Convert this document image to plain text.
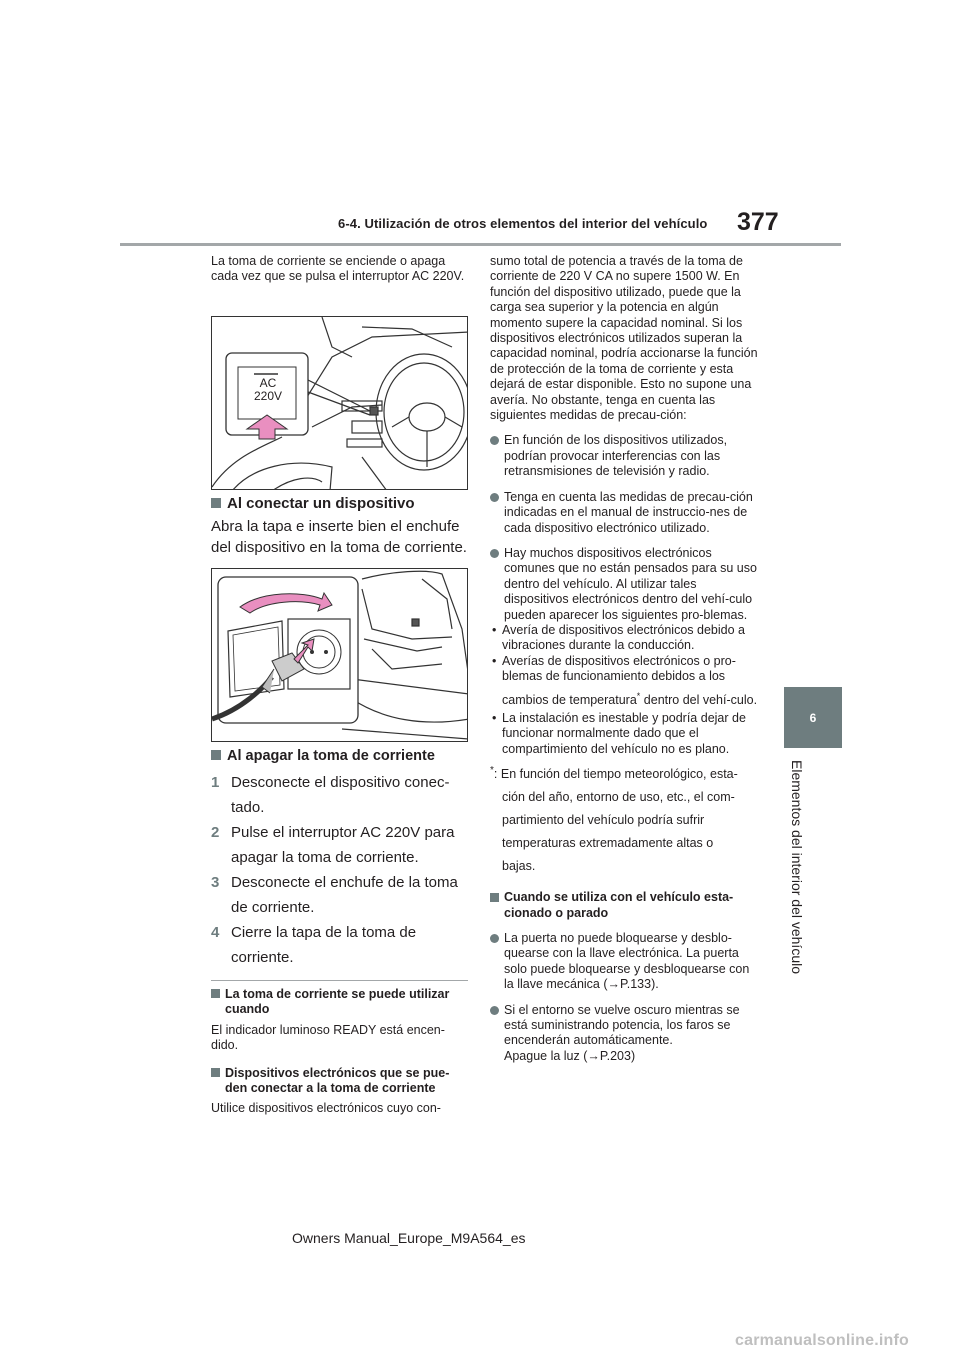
6-4. Utilización de otros elementos del interior del vehículo 377
6
Elementos del interior del vehículo
La toma de corriente se enciende o apaga cada vez que se pulsa el interruptor AC 220V.
AC
220V
Al conectar un dispositivo
Abra la tapa e inserte bien el enchufe del dispositivo en la toma de corriente.
Al apagar la toma de corriente
1 Desconecte el dispositivo conec-
tado.
2 Pulse el interruptor AC 220V para
apagar la toma de corriente.
3 Desconecte el enchufe de la toma
de corriente.
4 Cierre la tapa de la toma de
corriente.
La toma de corriente se puede utilizar
cuando
El indicador luminoso READY está encen-
dido.
Dispositivos electrónicos que se pue-
den conectar a la toma de corriente
Utilice dispositivos electrónicos cuyo con-
sumo total de potencia a través de la toma de corriente de 220 V CA no supere 1500 W. En función del dispositivo utilizado, puede que la carga sea superior y la potencia en algún momento supere la capacidad nominal. Si los dispositivos electrónicos utilizados superan la capacidad nominal, podría accionarse la función de protección de la toma de corriente y esta dejará de estar disponible. Esto no supone una avería. No obstante, tenga en cuenta las siguientes medidas de precau-ción:
En función de los dispositivos utilizados, podrían provocar interferencias con las retransmisiones de televisión y radio.
Tenga en cuenta las medidas de precau-ción indicadas en el manual de instruccio-nes de cada dispositivo electrónico utilizado.
Hay muchos dispositivos electrónicos comunes que no están pensados para su uso dentro del vehículo. Al utilizar tales dispositivos electrónicos dentro del vehí-culo pueden aparecer los siguientes pro-blemas.
• Avería de dispositivos electrónicos debido a vibraciones durante la conducción.
• Averías de dispositivos electrónicos o pro-blemas de funcionamiento debidos a los
cambios de temperatura* dentro del vehí-culo.
• La instalación es inestable y podría dejar de funcionar normalmente dado que el compartimiento del vehículo no es plano.
*: En función del tiempo meteorológico, esta-
ción del año, entorno de uso, etc., el com-
partimiento del vehículo podría sufrir
temperaturas extremadamente altas o
bajas.
Cuando se utiliza con el vehículo esta-cionado o parado
La puerta no puede bloquearse y desblo-quearse con la llave electrónica. La puerta solo puede bloquearse y desbloquearse con la llave mecánica (→P.133).
Si el entorno se vuelve oscuro mientras se está suministrando potencia, los faros se encenderán automáticamente.
Apague la luz (→P.203)
Owners Manual_Europe_M9A564_es
carmanualsonline.info
